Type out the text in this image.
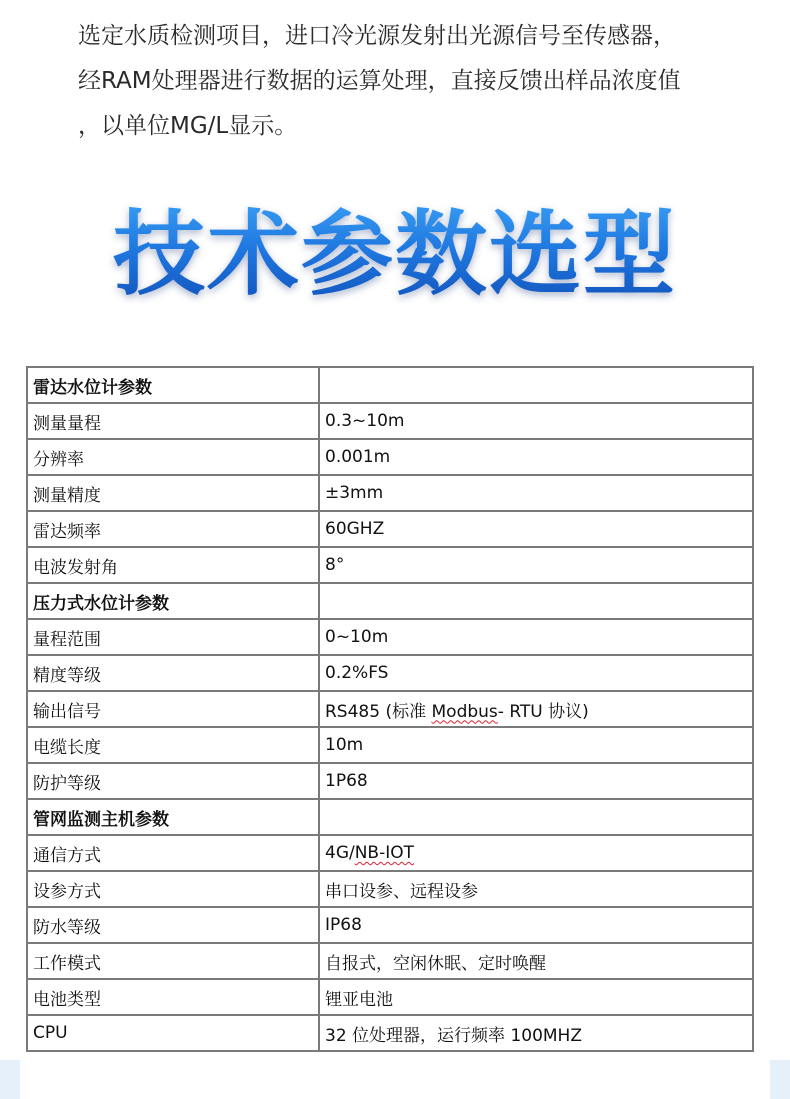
选定水质检测项目，进口冷光源发射出光源信号至传感器，

经RAM处理器进行数据的运算处理，直接反馈出样品浓度值

，以单位MG/L显示。

技术参数选型
雷达水位计参数	
测量量程	0.3~10m
分辨率	0.001m
测量精度	±3mm
雷达频率	60GHZ
电波发射角	8°
压力式水位计参数	
量程范围	0~10m
精度等级	0.2%FS
输出信号	RS485 (标准 Modbus- RTU 协议)
电缆长度	10m
防护等级	1P68
管网监测主机参数	
通信方式	4G/NB-IOT
设参方式	串口设参、远程设参
防水等级	IP68
工作模式	自报式，空闲休眠、定时唤醒
电池类型	锂亚电池
CPU	32 位处理器，运行频率 100MHZ
